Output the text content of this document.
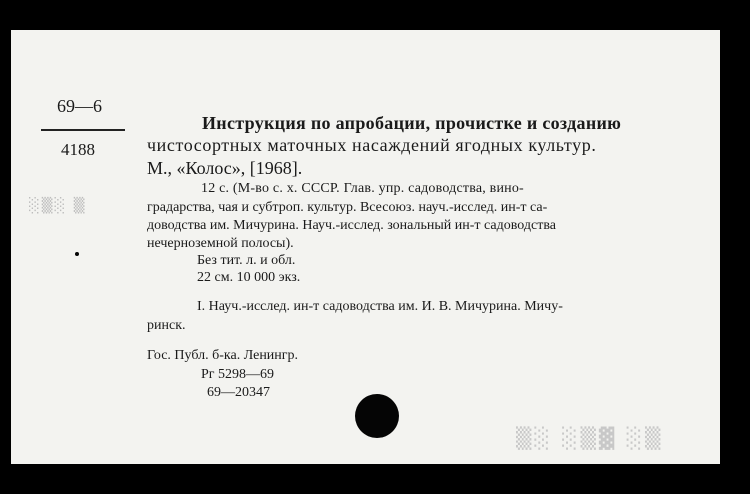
69—6
4188
░▒░ ▒
Инструкция по апробации, прочистке и созданию
чистосортных маточных насаждений ягодных культур.
М., «Колос», [1968].
12 с. (М-во с. х. СССР. Глав. упр. садоводства, вино-
градарства, чая и субтроп. культур. Всесоюз. науч.-исслед. ин-т са-
доводства им. Мичурина. Науч.-исслед. зональный ин-т садоводства
нечерноземной полосы).
Без тит. л. и обл.
22 см. 10 000 экз.
I. Науч.-исслед. ин-т садоводства им. И. В. Мичурина. Мичу-
ринск.
Гос. Публ. б-ка. Ленингр.
Рг 5298—69
69—20347
▒░ ░▒▓ ░▒
